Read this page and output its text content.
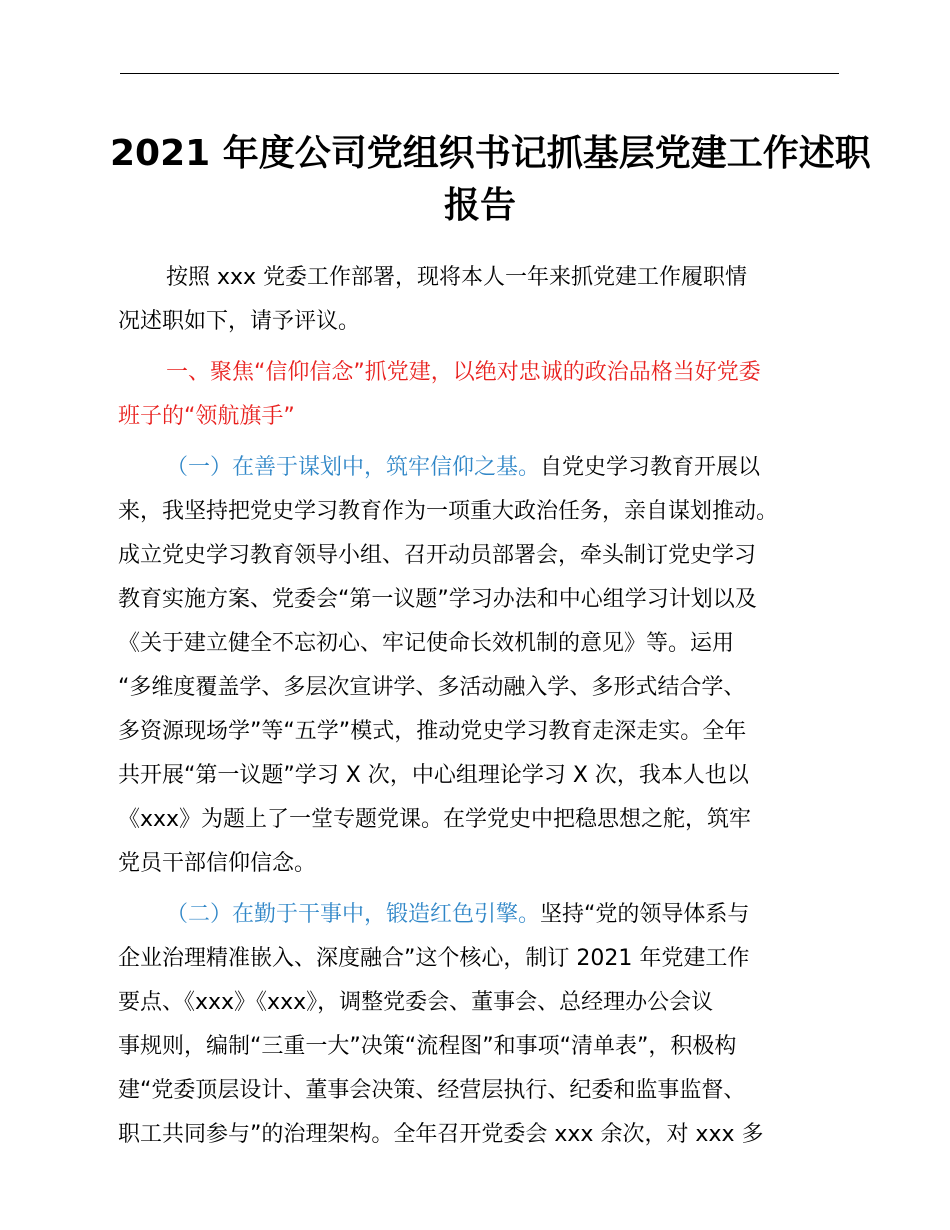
2021 年度公司党组织书记抓基层党建工作述职
报告
按照 xxx 党委工作部署，现将本人一年来抓党建工作履职情
况述职如下，请予评议。
一、聚焦“信仰信念”抓党建，以绝对忠诚的政治品格当好党委
班子的“领航旗手”
（一）在善于谋划中，筑牢信仰之基。自党史学习教育开展以
来，我坚持把党史学习教育作为一项重大政治任务，亲自谋划推动。
成立党史学习教育领导小组、召开动员部署会，牵头制订党史学习
教育实施方案、党委会“第一议题”学习办法和中心组学习计划以及
《关于建立健全不忘初心、牢记使命长效机制的意见》等。运用
“多维度覆盖学、多层次宣讲学、多活动融入学、多形式结合学、
多资源现场学”等“五学”模式，推动党史学习教育走深走实。全年
共开展“第一议题”学习 X 次，中心组理论学习 X 次，我本人也以
《xxx》为题上了一堂专题党课。在学党史中把稳思想之舵，筑牢
党员干部信仰信念。
（二）在勤于干事中，锻造红色引擎。坚持“党的领导体系与
企业治理精准嵌入、深度融合”这个核心，制订 2021 年党建工作
要点、《xxx》《xxx》，调整党委会、董事会、总经理办公会议
事规则，编制“三重一大”决策“流程图”和事项“清单表”，积极构
建“党委顶层设计、董事会决策、经营层执行、纪委和监事监督、
职工共同参与”的治理架构。全年召开党委会 xxx 余次，对 xxx 多
